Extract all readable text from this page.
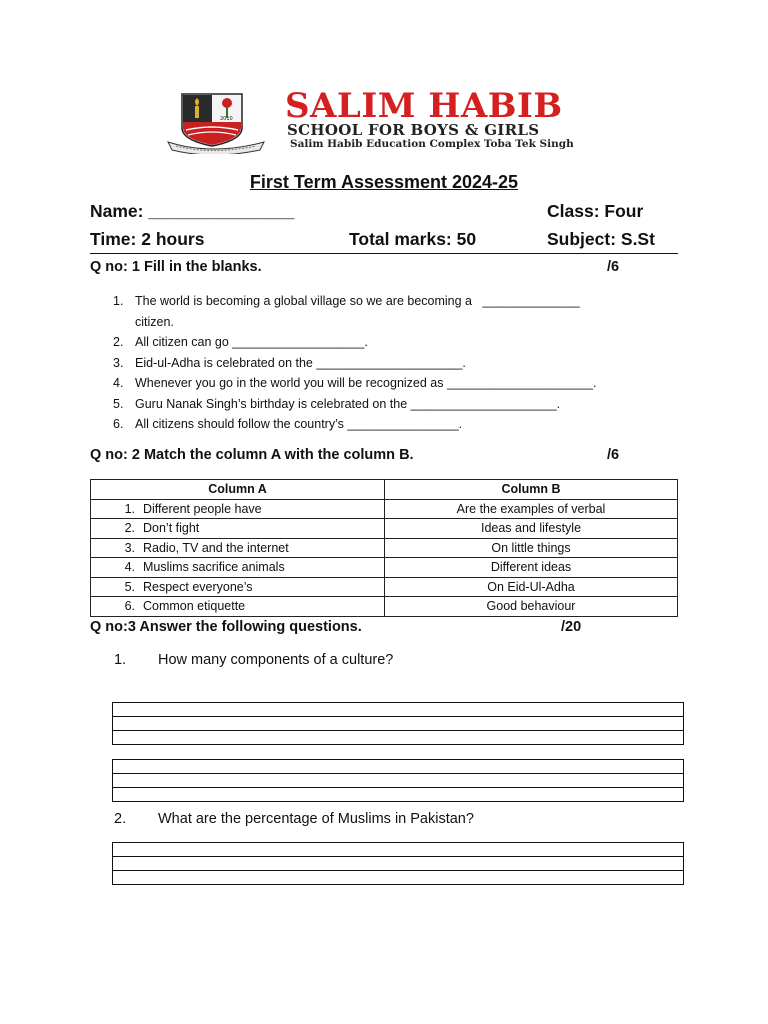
2010 SALIM HABIB
SCHOOL FOR BOYS & GIRLS
Salim Habib Education Complex Toba Tek Singh
First Term Assessment 2024-25
Name: _______________	Class: Four
Time: 2 hours	Total marks: 50	Subject: S.St
Q no: 1 Fill in the blanks.	/6
1. The world is becoming a global village so we are becoming a   ______________
citizen.
2. All citizen can go ___________________.
3. Eid-ul-Adha is celebrated on the _____________________.
4. Whenever you go in the world you will be recognized as _____________________.
5. Guru Nanak Singh’s birthday is celebrated on the _____________________.
6. All citizens should follow the country’s ________________.
Q no: 2 Match the column A with the column B.	/6
Column A	Column B
1. Different people have	Are the examples of verbal
2. Don’t fight	Ideas and lifestyle
3. Radio, TV and the internet	On little things
4. Muslims sacrifice animals	Different ideas
5. Respect everyone’s	On Eid-Ul-Adha
6. Common etiquette	Good behaviour
Q no:3 Answer the following questions.	/20
1. How many components of a culture?
2. What are the percentage of Muslims in Pakistan?
